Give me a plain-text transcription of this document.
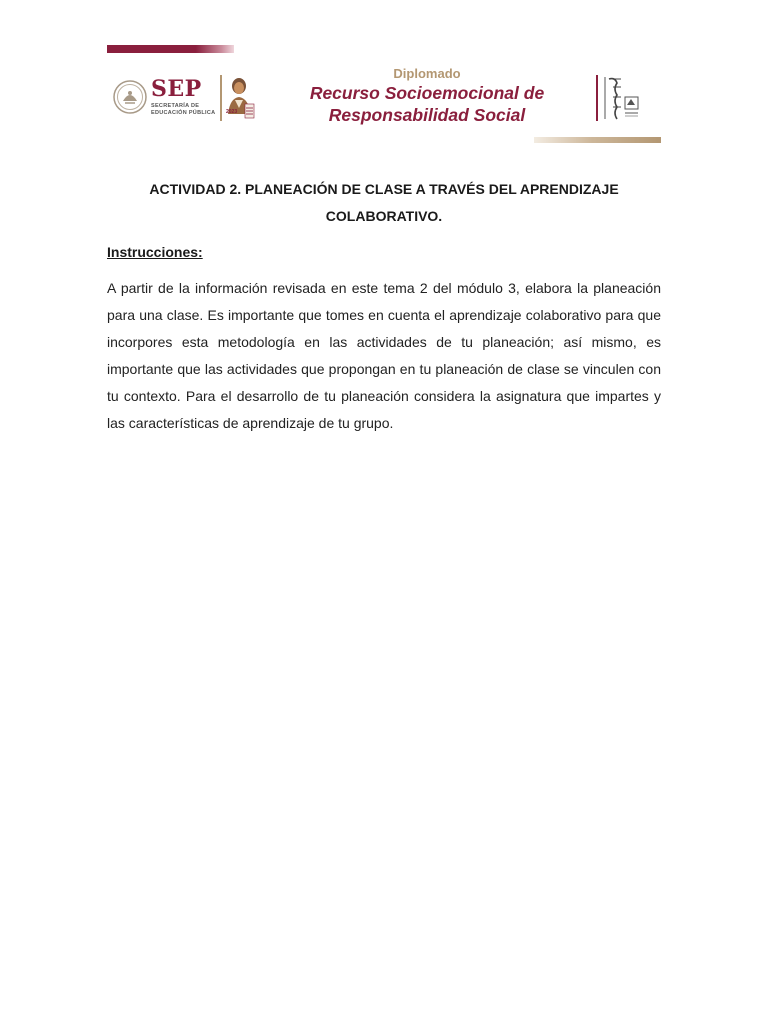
SEP
SECRETARÍA DE
EDUCACIÓN PÚBLICA 2023
Diplomado
Recurso Socioemocional de
Responsabilidad Social
ACTIVIDAD 2. PLANEACIÓN DE CLASE A TRAVÉS DEL APRENDIZAJE
COLABORATIVO.
Instrucciones:

A partir de la información revisada en este tema 2 del módulo 3, elabora la planeación para una clase. Es importante que tomes en cuenta el aprendizaje colaborativo para que incorpores esta metodología en las actividades de tu planeación; así mismo, es importante que las actividades que propongan en tu planeación de clase se vinculen con tu contexto. Para el desarrollo de tu planeación considera la asignatura que impartes y las características de aprendizaje de tu grupo.
